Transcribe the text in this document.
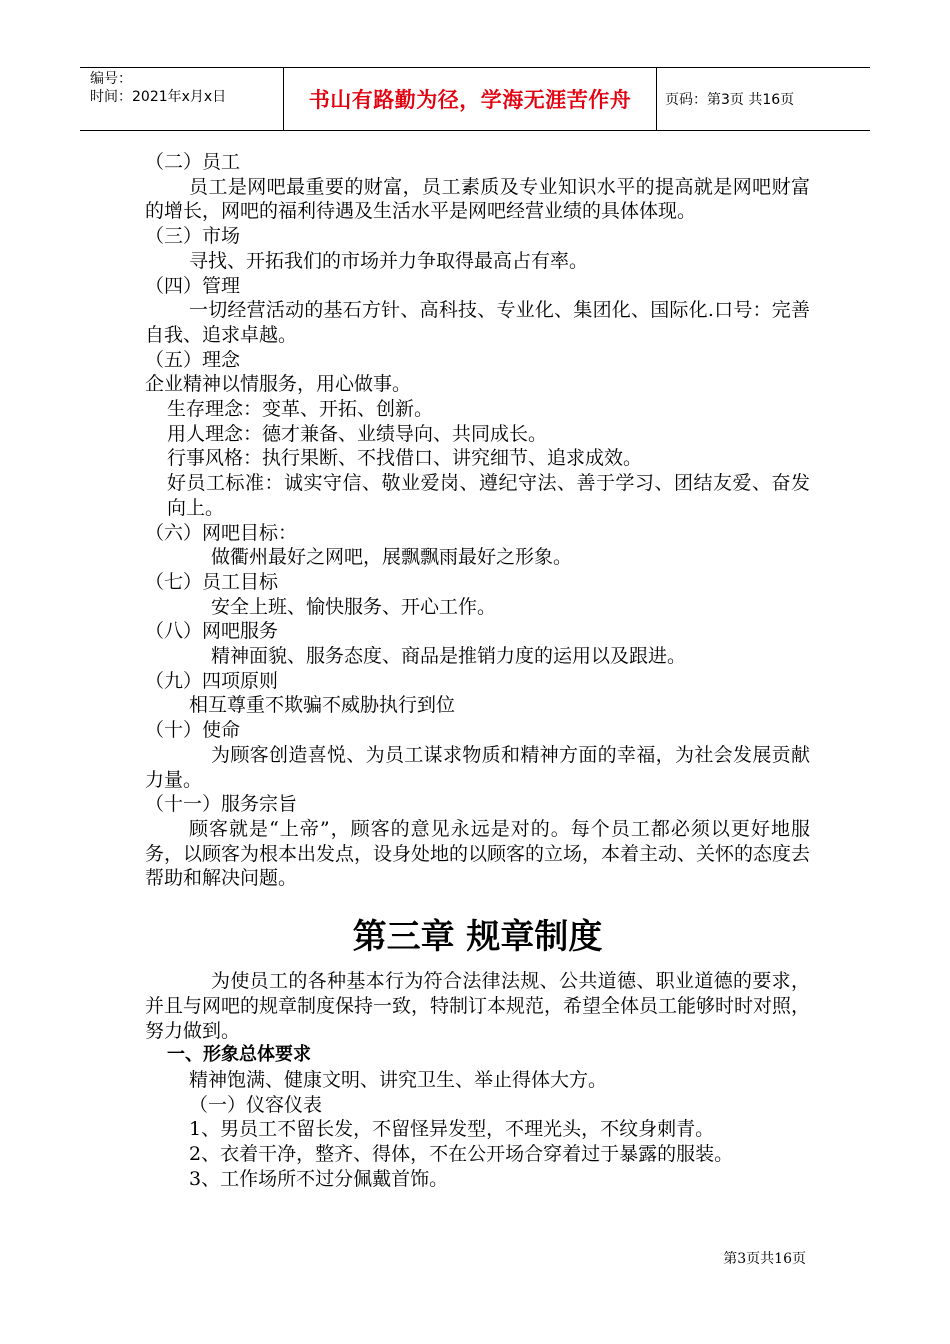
编号：
时间：2021年x月x日	书山有路勤为径，学海无涯苦作舟 页码：第3页 共16页

（二）员工

员工是网吧最重要的财富，员工素质及专业知识水平的提高就是网吧财富的增长，网吧的福利待遇及生活水平是网吧经营业绩的具体体现。

（三）市场

寻找、开拓我们的市场并力争取得最高占有率。

（四）管理

一切经营活动的基石方针、高科技、专业化、集团化、国际化.口号：完善自我、追求卓越。

（五）理念

企业精神以情服务，用心做事。

生存理念：变革、开拓、创新。

用人理念：德才兼备、业绩导向、共同成长。

行事风格：执行果断、不找借口、讲究细节、追求成效。

好员工标准：诚实守信、敬业爱岗、遵纪守法、善于学习、团结友爱、奋发向上。

（六）网吧目标：

做衢州最好之网吧，展飘飘雨最好之形象。

（七）员工目标

安全上班、愉快服务、开心工作。

（八）网吧服务

精神面貌、服务态度、商品是推销力度的运用以及跟进。

（九）四项原则

相互尊重不欺骗不威胁执行到位

（十）使命

为顾客创造喜悦、为员工谋求物质和精神方面的幸福，为社会发展贡献力量。

（十一）服务宗旨

顾客就是“上帝”，顾客的意见永远是对的。每个员工都必须以更好地服务，以顾客为根本出发点，设身处地的以顾客的立场，本着主动、关怀的态度去帮助和解决问题。

第三章 规章制度

为使员工的各种基本行为符合法律法规、公共道德、职业道德的要求，并且与网吧的规章制度保持一致，特制订本规范，希望全体员工能够时时对照，努力做到。

一、形象总体要求

精神饱满、健康文明、讲究卫生、举止得体大方。

（一）仪容仪表

1、男员工不留长发，不留怪异发型，不理光头，不纹身刺青。

2、衣着干净，整齐、得体，不在公开场合穿着过于暴露的服装。

3、工作场所不过分佩戴首饰。

第3页共16页
